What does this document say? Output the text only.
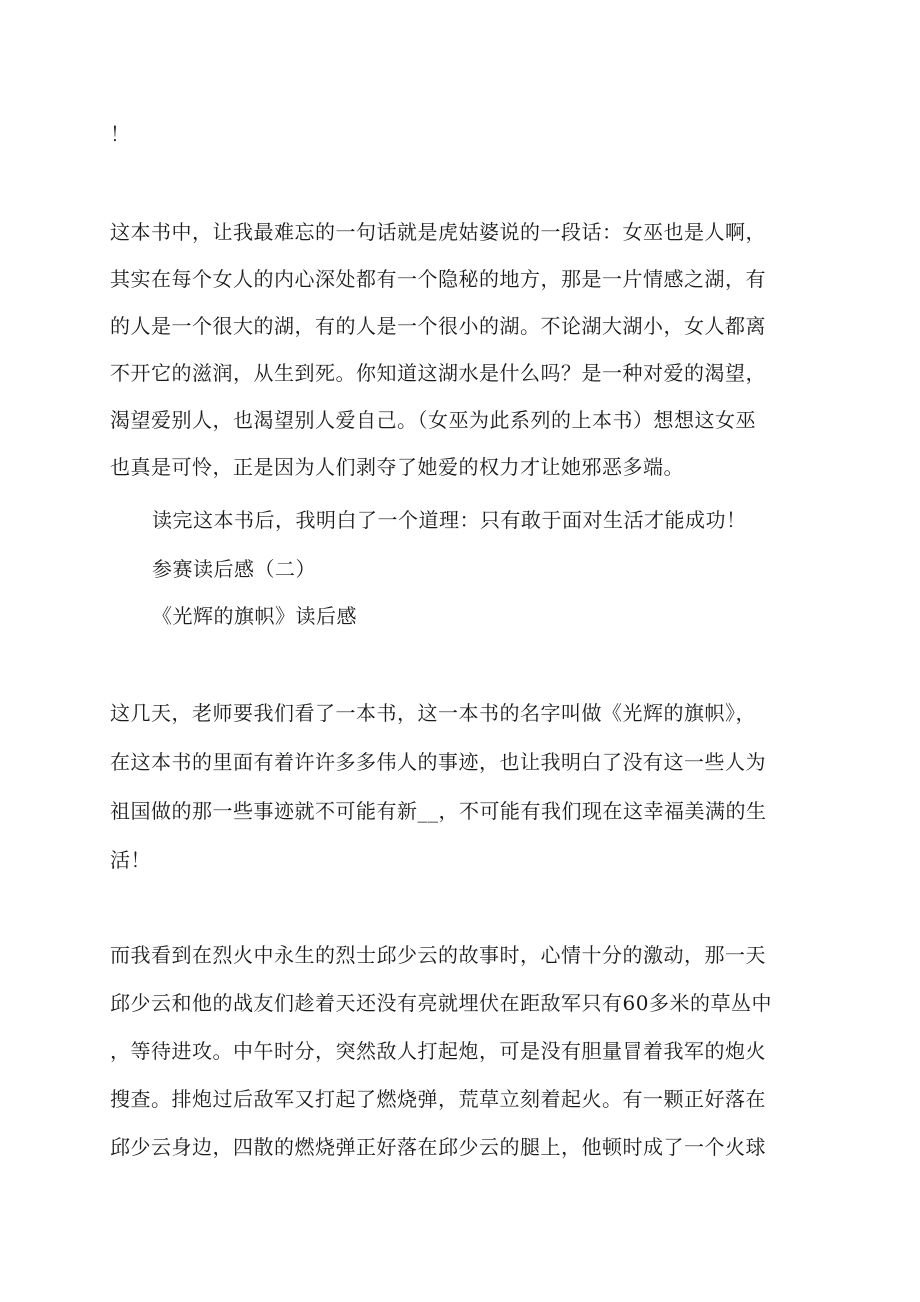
！
这本书中，让我最难忘的一句话就是虎姑婆说的一段话：女巫也是人啊，
其实在每个女人的内心深处都有一个隐秘的地方，那是一片情感之湖，有
的人是一个很大的湖，有的人是一个很小的湖。不论湖大湖小，女人都离
不开它的滋润，从生到死。你知道这湖水是什么吗？是一种对爱的渴望，
渴望爱别人，也渴望别人爱自己。（女巫为此系列的上本书）想想这女巫
也真是可怜，正是因为人们剥夺了她爱的权力才让她邪恶多端。
读完这本书后，我明白了一个道理：只有敢于面对生活才能成功！
参赛读后感（二）
《光辉的旗帜》读后感
这几天，老师要我们看了一本书，这一本书的名字叫做《光辉的旗帜》，
在这本书的里面有着许许多多伟人的事迹，也让我明白了没有这一些人为
祖国做的那一些事迹就不可能有新__，不可能有我们现在这幸福美满的生
活！
而我看到在烈火中永生的烈士邱少云的故事时，心情十分的激动，那一天
邱少云和他的战友们趁着天还没有亮就埋伏在距敌军只有60多米的草丛中
，等待进攻。中午时分，突然敌人打起炮，可是没有胆量冒着我军的炮火
搜查。排炮过后敌军又打起了燃烧弹，荒草立刻着起火。有一颗正好落在
邱少云身边，四散的燃烧弹正好落在邱少云的腿上，他顿时成了一个火球
